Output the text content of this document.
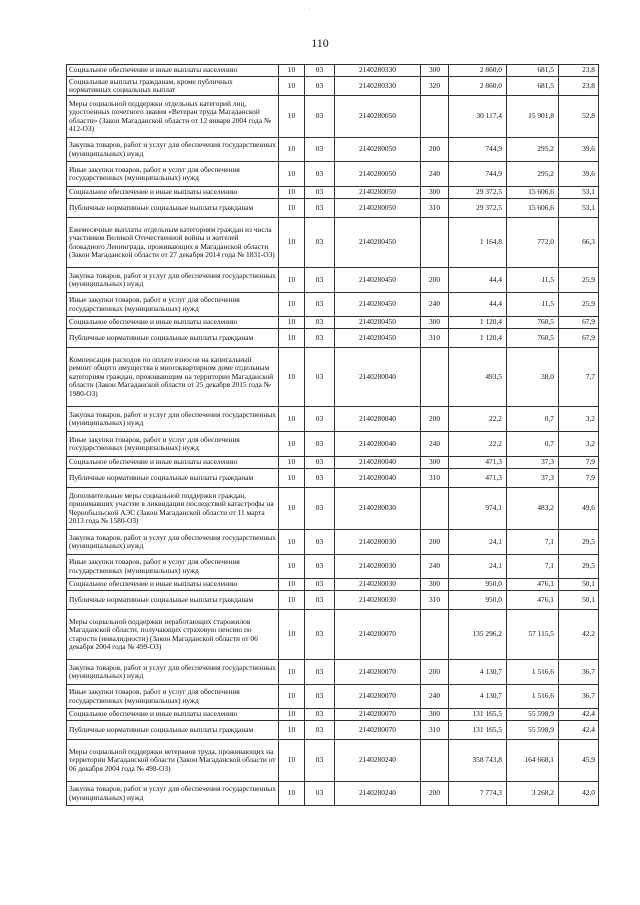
ˈ
110
Социальное обеспечение и иные выплаты населению	10	03	2140280330	300	2 860,0	681,5	23,8
Социальные выплаты гражданам, кроме публичных нормативных социальных выплат	10	03	2140280330	320	2 860,0	681,5	23,8
Меры социальной поддержки отдельных категорий лиц, удостоенных почетного звания «Ветеран труда Магаданской области» (Закон Магаданской области от 12 января 2004 года № 412-ОЗ)	10	03	2140280050		30 117,4	15 901,8	52,8
Закупка товаров, работ и услуг для обеспечения государственных (муниципальных) нужд	10	03	2140280050	200	744,9	295,2	39,6
Иные закупки товаров, работ и услуг для обеспечения государственных (муниципальных) нужд	10	03	2140280050	240	744,9	295,2	39,6
Социальное обеспечение и иные выплаты населению	10	03	2140280050	300	29 372,5	15 606,6	53,1
Публичные нормативные социальные выплаты гражданам	10	03	2140280050	310	29 372,5	15 606,6	53,1
Ежемесячные выплаты отдельным категориям граждан из числа участников Великой Отечественной войны и жителей блокадного Ленинграда, проживающих в Магаданской области (Закон Магаданской области от 27 декабря 2014 года № 1831-ОЗ)	10	03	2140280450		1 164,8	772,0	66,3
Закупка товаров, работ и услуг для обеспечения государственных (муниципальных) нужд	10	03	2140280450	200	44,4	11,5	25,9
Иные закупки товаров, работ и услуг для обеспечения государственных (муниципальных) нужд	10	03	2140280450	240	44,4	11,5	25,9
Социальное обеспечение и иные выплаты населению	10	03	2140280450	300	1 120,4	760,5	67,9
Публичные нормативные социальные выплаты гражданам	10	03	2140280450	310	1 120,4	760,5	67,9
Компенсация расходов по оплате взносов на капитальный ремонт общего имущества в многоквартирном доме отдельным категориям граждан, проживающим на территории Магаданской области (Закон Магаданской области от 25 декабря 2015 года № 1980-ОЗ)	10	03	2140280040		493,5	38,0	7,7
Закупка товаров, работ и услуг для обеспечения государственных (муниципальных) нужд	10	03	2140280040	200	22,2	0,7	3,2
Иные закупки товаров, работ и услуг для обеспечения государственных (муниципальных) нужд	10	03	2140280040	240	22,2	0,7	3,2
Социальное обеспечение и иные выплаты населению	10	03	2140280040	300	471,3	37,3	7,9
Публичные нормативные социальные выплаты гражданам	10	03	2140280040	310	471,3	37,3	7,9
Дополнительные меры социальной поддержки граждан, принимавших участие в ликвидации последствий катастрофы на Чернобыльской АЭС (Закон Магаданской области от 11 марта 2013 года № 1580-ОЗ)	10	03	2140280030		974,1	483,2	49,6
Закупка товаров, работ и услуг для обеспечения государственных (муниципальных) нужд	10	03	2140280030	200	24,1	7,1	29,5
Иные закупки товаров, работ и услуг для обеспечения государственных (муниципальных) нужд	10	03	2140280030	240	24,1	7,1	29,5
Социальное обеспечение и иные выплаты населению	10	03	2140280030	300	950,0	476,1	50,1
Публичные нормативные социальные выплаты гражданам	10	03	2140280030	310	950,0	476,1	50,1
Меры социальной поддержки неработающих старожилов Магаданской области, получающих страховую пенсию по старости (инвалидности) (Закон Магаданской области от 06 декабря 2004 года № 499-ОЗ)	10	03	2140280070		135 296,2	57 115,5	42,2
Закупка товаров, работ и услуг для обеспечения государственных (муниципальных) нужд	10	03	2140280070	200	4 130,7	1 516,6	36,7
Иные закупки товаров, работ и услуг для обеспечения государственных (муниципальных) нужд	10	03	2140280070	240	4 130,7	1 516,6	36,7
Социальное обеспечение и иные выплаты населению	10	03	2140280070	300	131 165,5	55 598,9	42,4
Публичные нормативные социальные выплаты гражданам	10	03	2140280070	310	131 165,5	55 598,9	42,4
Меры социальной поддержки ветеранов труда, проживающих на территории Магаданской области (Закон Магаданской области от 06 декабря 2004 года № 498-ОЗ)	10	03	2140280240		358 743,8	164 668,1	45,9
Закупка товаров, работ и услуг для обеспечения государственных (муниципальных) нужд	10	03	2140280240	200	7 774,3	3 268,2	42,0
